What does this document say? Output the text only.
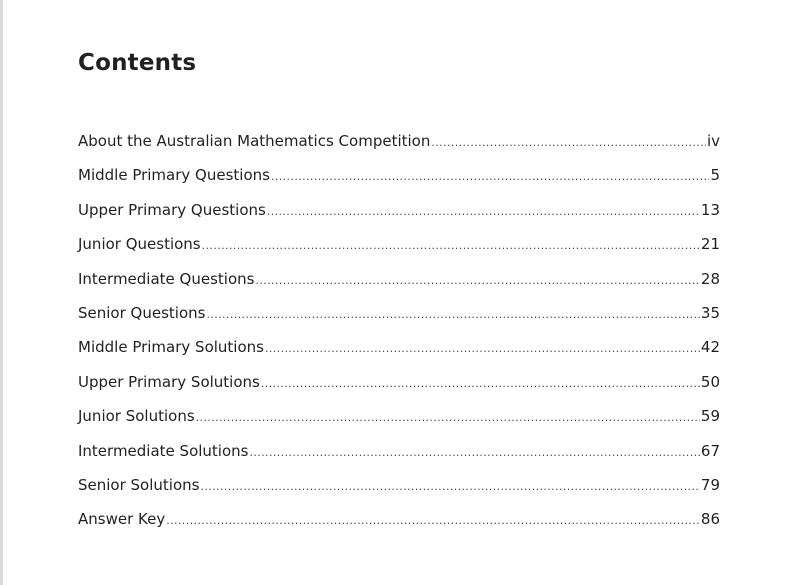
Contents
About the Australian Mathematics Competition .....	iv
Middle Primary Questions .....	5
Upper Primary Questions .....	13
Junior Questions .....	21
Intermediate Questions .....	28
Senior Questions .....	35
Middle Primary Solutions .....	42
Upper Primary Solutions .....	50
Junior Solutions .....	59
Intermediate Solutions .....	67
Senior Solutions .....	79
Answer Key .....	86
